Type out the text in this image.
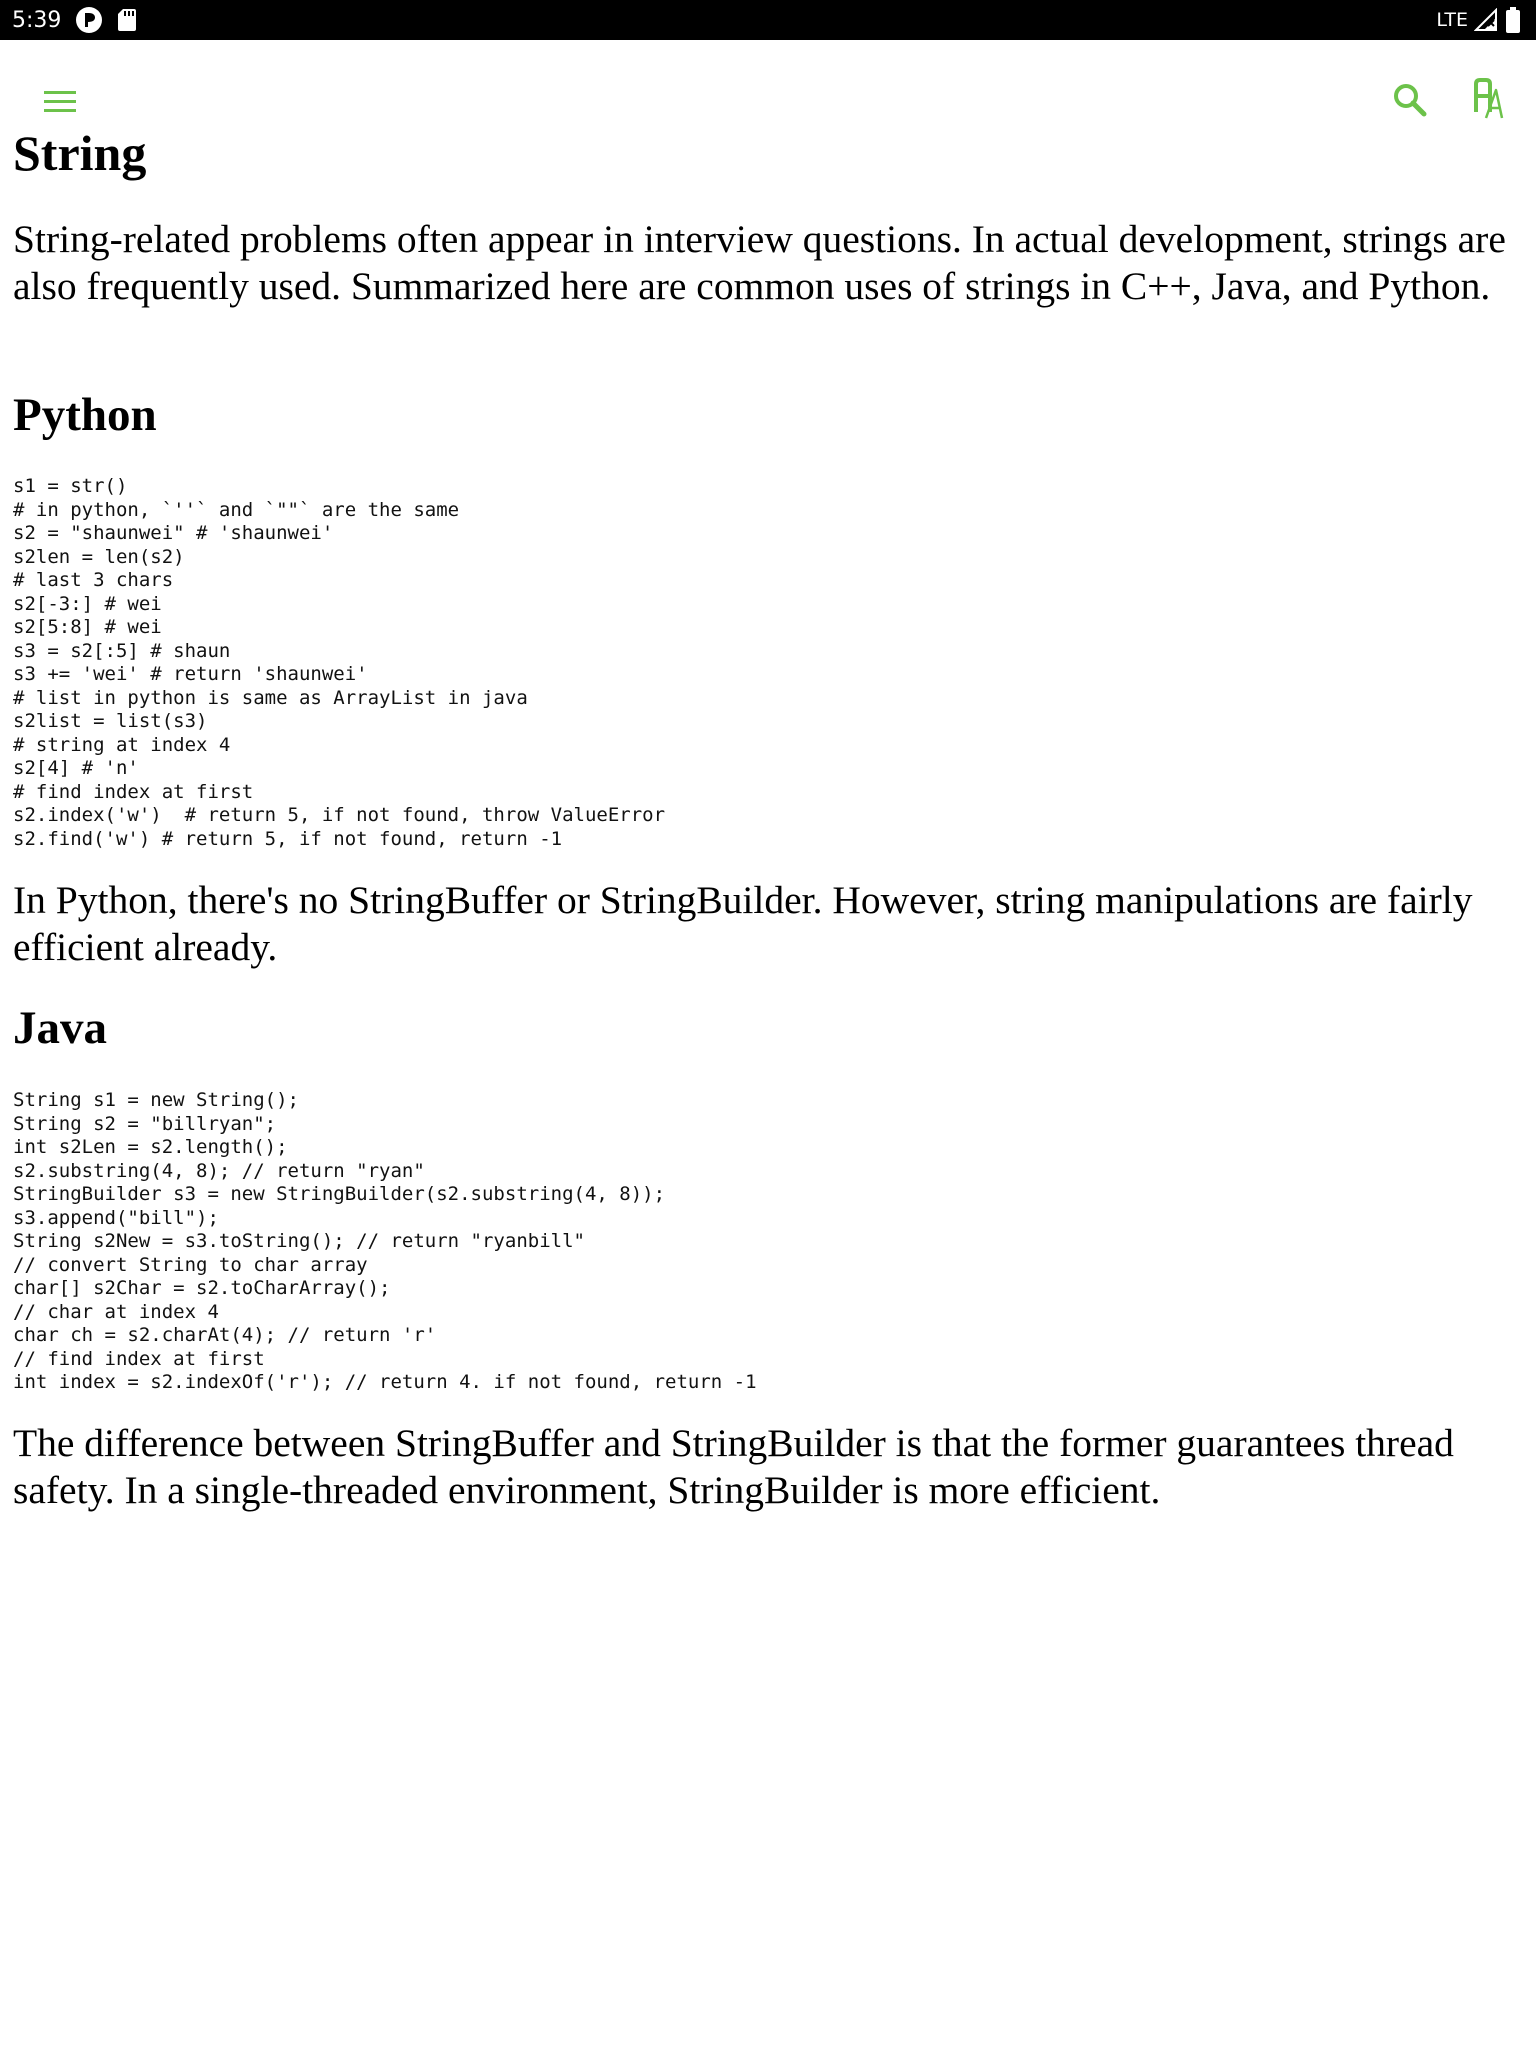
5:39	LTE
String

String-related problems often appear in interview questions. In actual development, strings are also frequently used. Summarized here are common uses of strings in C++, Java, and Python.

Python
s1 = str()
# in python, `''` and `""` are the same
s2 = "shaunwei" # 'shaunwei'
s2len = len(s2)
# last 3 chars
s2[-3:] # wei
s2[5:8] # wei
s3 = s2[:5] # shaun
s3 += 'wei' # return 'shaunwei'
# list in python is same as ArrayList in java
s2list = list(s3)
# string at index 4
s2[4] # 'n'
# find index at first
s2.index('w')  # return 5, if not found, throw ValueError
s2.find('w') # return 5, if not found, return -1

In Python, there's no StringBuffer or StringBuilder. However, string manipulations are fairly efficient already.

Java
String s1 = new String();
String s2 = "billryan";
int s2Len = s2.length();
s2.substring(4, 8); // return "ryan"
StringBuilder s3 = new StringBuilder(s2.substring(4, 8));
s3.append("bill");
String s2New = s3.toString(); // return "ryanbill"
// convert String to char array
char[] s2Char = s2.toCharArray();
// char at index 4
char ch = s2.charAt(4); // return 'r'
// find index at first
int index = s2.indexOf('r'); // return 4. if not found, return -1

The difference between StringBuffer and StringBuilder is that the former guarantees thread safety. In a single-threaded environment, StringBuilder is more efficient.
